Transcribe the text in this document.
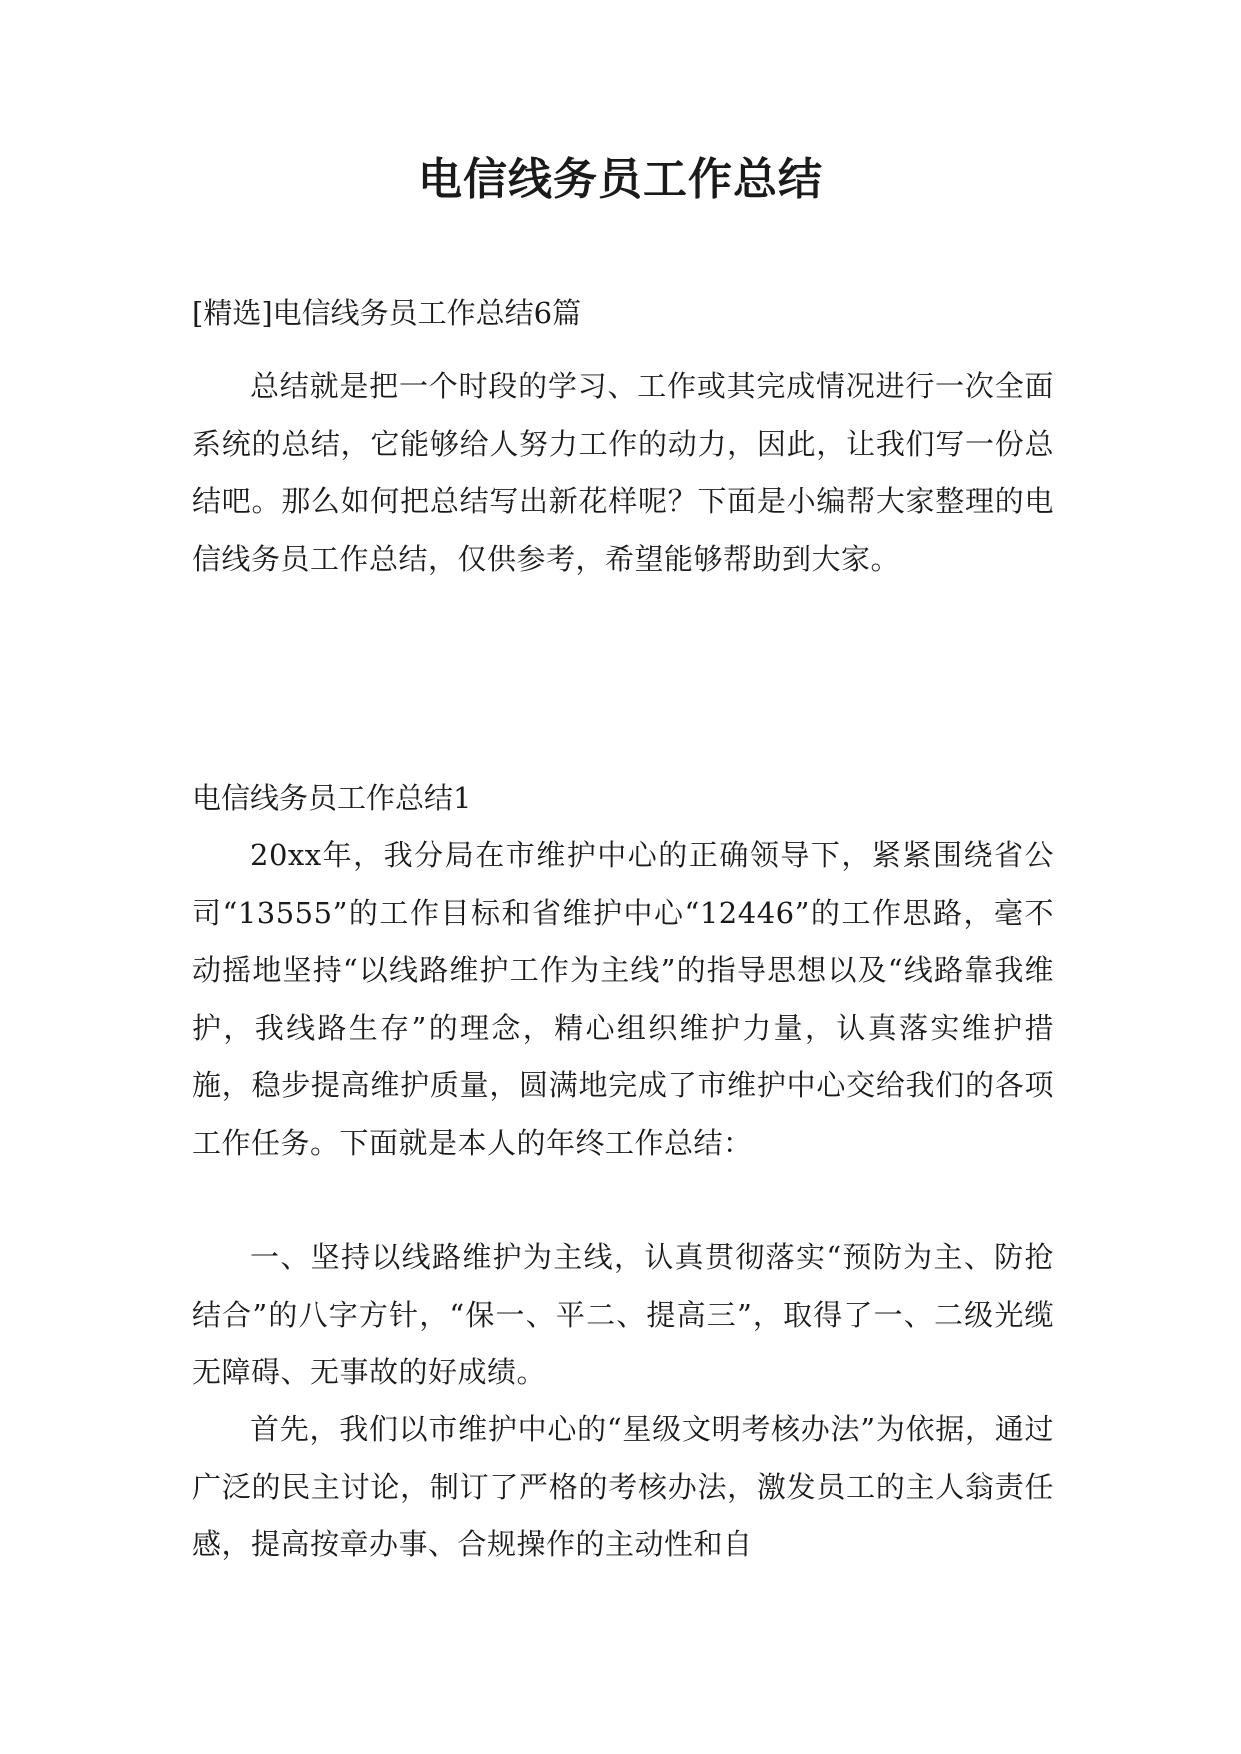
电信线务员工作总结

[精选]电信线务员工作总结6篇

总结就是把一个时段的学习、工作或其完成情况进行一次全面系统的总结，它能够给人努力工作的动力，因此，让我们写一份总结吧。那么如何把总结写出新花样呢？下面是小编帮大家整理的电信线务员工作总结，仅供参考，希望能够帮助到大家。

电信线务员工作总结1

20xx年，我分局在市维护中心的正确领导下，紧紧围绕省公司“13555”的工作目标和省维护中心“12446”的工作思路，毫不动摇地坚持“以线路维护工作为主线”的指导思想以及“线路靠我维护，我线路生存”的理念，精心组织维护力量，认真落实维护措施，稳步提高维护质量，圆满地完成了市维护中心交给我们的各项工作任务。下面就是本人的年终工作总结：

一、坚持以线路维护为主线，认真贯彻落实“预防为主、防抢结合”的八字方针，“保一、平二、提高三”，取得了一、二级光缆无障碍、无事故的好成绩。

首先，我们以市维护中心的“星级文明考核办法”为依据，通过广泛的民主讨论，制订了严格的考核办法，激发员工的主人翁责任感，提高按章办事、合规操作的主动性和自
